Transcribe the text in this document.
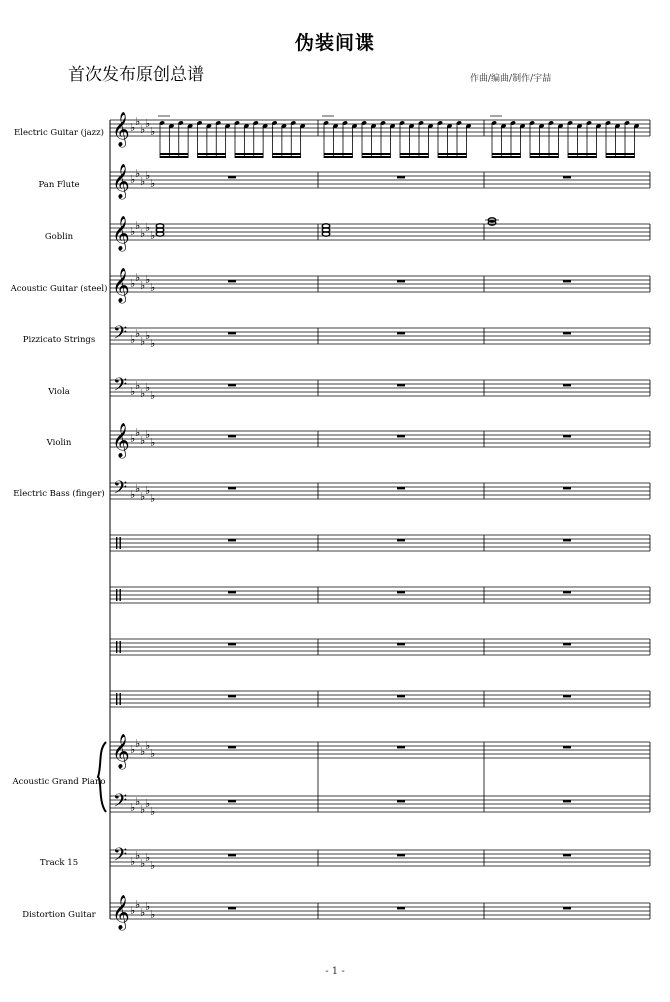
伪装间谍
首次发布原创总谱	作曲/编曲/制作/宇喆
Electric Guitar (jazz)
Pan Flute
Goblin
Acoustic Guitar (steel)
Pizzicato Strings
Viola
Violin
Electric Bass (finger)
Acoustic Grand Piano
Track 15
Distortion Guitar
𝄞 ♭ ♭
♭ ♭
♭
𝄞 ♭ ♭
♭ ♭
♭
𝄞 ♭ ♭
♭ ♭
♭
𝄞 ♭ ♭
♭ ♭
♭
𝄢 ♭ ♭
♭ ♭
♭
𝄢 ♭ ♭
♭ ♭
♭
𝄞 ♭ ♭
♭ ♭
♭
𝄢 ♭ ♭
♭ ♭
♭
𝄞 ♭ ♭
♭ ♭
♭
𝄢 ♭ ♭
♭ ♭
♭
𝄢 ♭ ♭
♭ ♭
♭
𝄞 ♭ ♭
♭ ♭
♭
- 1 -
